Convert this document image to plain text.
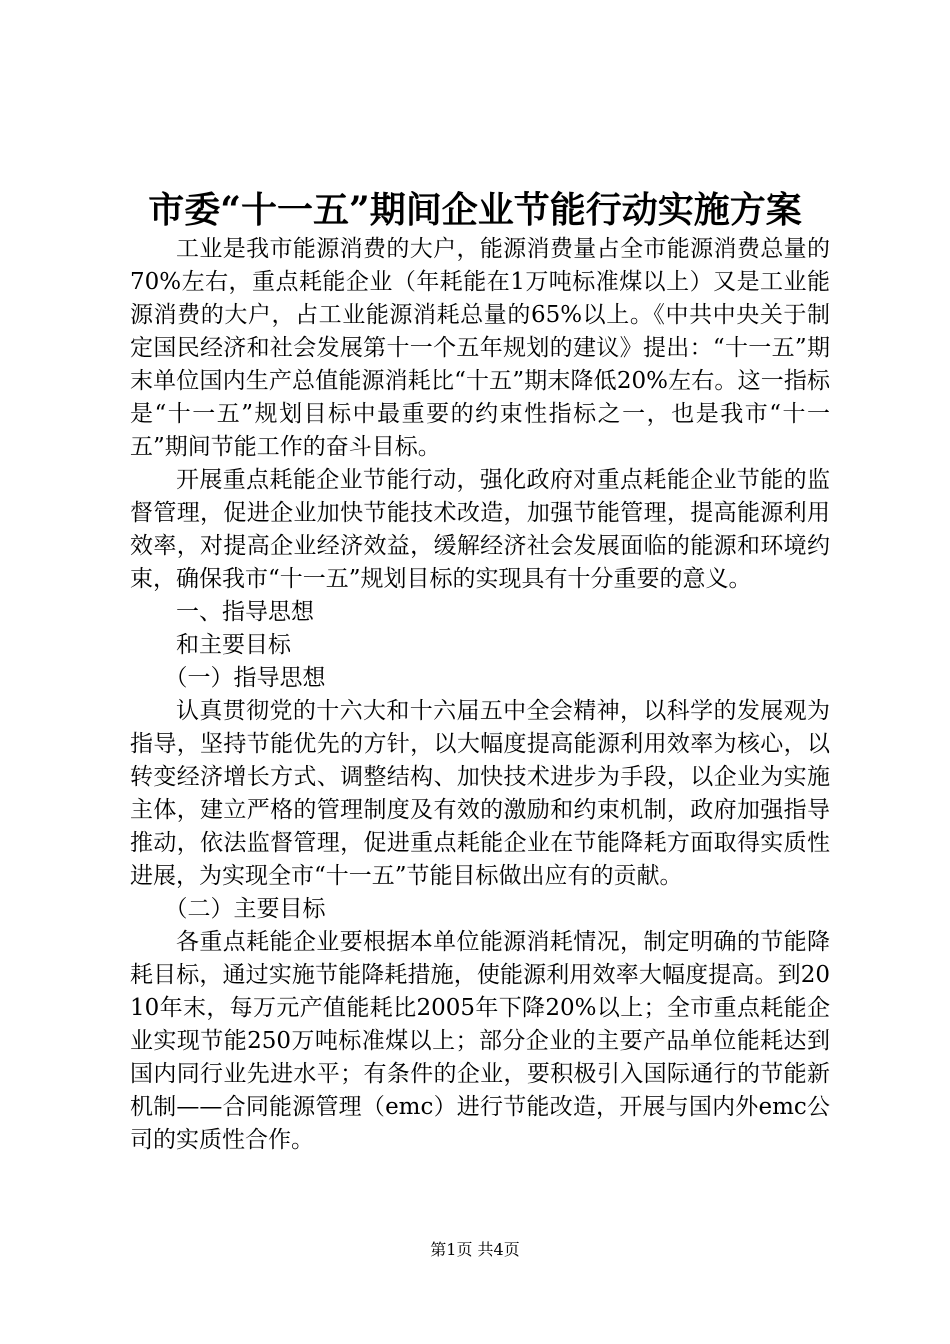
市委“十一五”期间企业节能行动实施方案

工业是我市能源消费的大户，能源消费量占全市能源消费总量的70%左右，重点耗能企业（年耗能在1万吨标准煤以上）又是工业能源消费的大户，占工业能源消耗总量的65%以上。《中共中央关于制定国民经济和社会发展第十一个五年规划的建议》提出：“十一五”期末单位国内生产总值能源消耗比“十五”期末降低20%左右。这一指标是“十一五”规划目标中最重要的约束性指标之一，也是我市“十一五”期间节能工作的奋斗目标。

开展重点耗能企业节能行动，强化政府对重点耗能企业节能的监督管理，促进企业加快节能技术改造，加强节能管理，提高能源利用效率，对提高企业经济效益，缓解经济社会发展面临的能源和环境约束，确保我市“十一五”规划目标的实现具有十分重要的意义。

一、指导思想

和主要目标

（一）指导思想

认真贯彻党的十六大和十六届五中全会精神，以科学的发展观为指导，坚持节能优先的方针，以大幅度提高能源利用效率为核心，以转变经济增长方式、调整结构、加快技术进步为手段，以企业为实施主体，建立严格的管理制度及有效的激励和约束机制，政府加强指导推动，依法监督管理，促进重点耗能企业在节能降耗方面取得实质性进展，为实现全市“十一五”节能目标做出应有的贡献。

（二）主要目标

各重点耗能企业要根据本单位能源消耗情况，制定明确的节能降耗目标，通过实施节能降耗措施，使能源利用效率大幅度提高。到2010年末，每万元产值能耗比2005年下降20%以上；全市重点耗能企业实现节能250万吨标准煤以上；部分企业的主要产品单位能耗达到国内同行业先进水平；有条件的企业，要积极引入国际通行的节能新机制——合同能源管理（emc）进行节能改造，开展与国内外emc公司的实质性合作。

第1页 共4页
